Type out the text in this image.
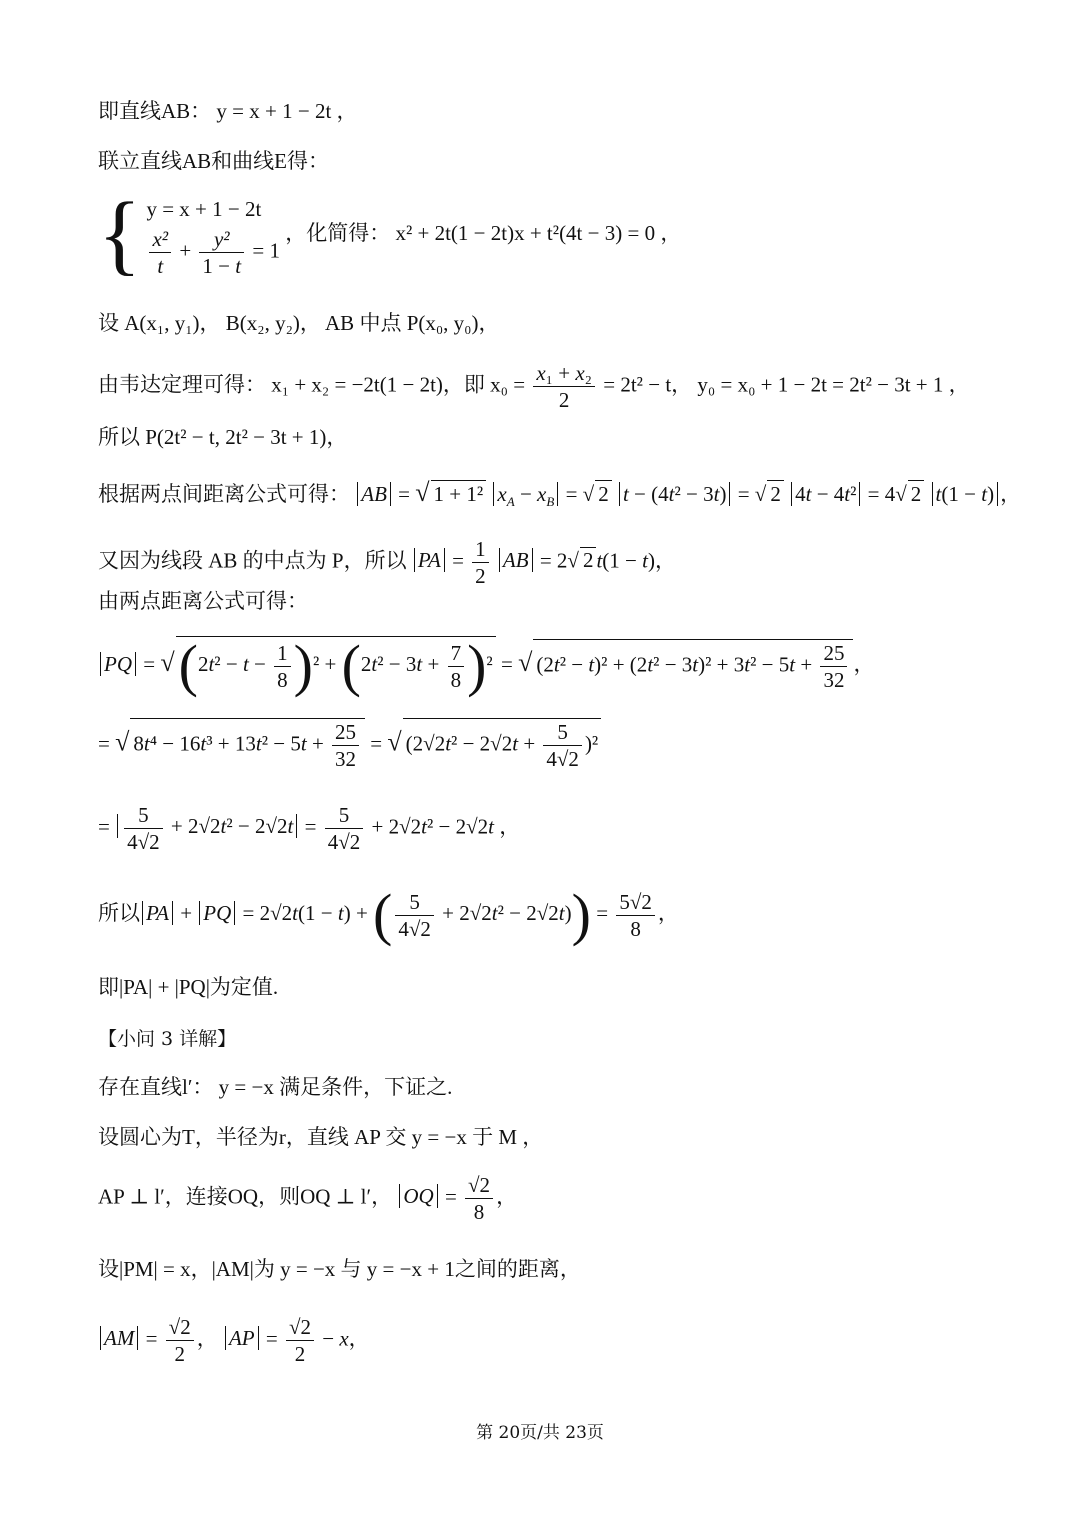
即直线AB： y = x + 1 − 2t ，
联立直线AB和曲线E得：
{ y = x + 1 − 2t
$\frac{\text{x²}}{t} + \frac{\text{y²}}{1 - t} = 1$
，化简得： x² + 2t(1 − 2t)x + t²(4t − 3) = 0 ，
设 A(x₁, y₁)， B(x₂, y₂)， AB 中点 P(x₀, y₀)，
由韦达定理可得： x₁ + x₂ = −2t(1 − 2t)，即 $x_0 = \frac{\text{x₁ + x₂}}{2} = 2t^2 - t$， y₀ = x₀ + 1 − 2t = 2t² − 3t + 1 ，
所以 P(2t² − t, 2t² − 3t + 1)，
根据两点间距离公式可得： AB = √ 1 + 1² $x_A - x_B$ = √ 2 t − (4t² − 3t) = √ 2 4t − 4t² = 4√ 2 t(1 − t) ，
又因为线段 AB 的中点为 P，所以 PA = $\frac{1}{2}$ AB = 2√ 2 t(1 − t)，
由两点距离公式可得：
PQ = $√(2t^2 - t - \frac{1}{8} )^2 + (2t^2 - 3t + \frac{7}{8} )^2$ = √ $(2t^2 - t)^2 + (2t^2 - 3t)^2 + 3t^2 - 5t + \frac{25}{32}$ ，
= √ $8t^4 - 16t^3 + 13t^2 - 5t + \frac{25}{32}$ = √ $(2√2t^2 - 2√2t + \frac{5}{4√2} )^2$
= $\frac{5}{4√2} + 2√2t^2 - 2√2t = \frac{5}{4√2} + 2√2t^2 - 2√2t$ ，
所以 PA + PQ = 2√2t(1 − t) + ( $\frac{5}{4√2} + 2√2t^2 - 2√2t)) = \frac{5√2}{8}$ ，
即|PA| + |PQ|为定值.
【小问 3 详解】
存在直线l′： y = −x 满足条件，下证之.
设圆心为T，半径为r，直线 AP 交 y = −x 于 M ，
AP ⊥ l′，连接OQ，则OQ ⊥ l′， OQ = $\frac{√2}{8}$ ，
设|PM| = x，|AM|为 y = −x 与 y = −x + 1之间的距离，
AM = $\frac{√2}{2}$ ， AP = $\frac{√2}{2} - x$，
第 20页/共 23页
